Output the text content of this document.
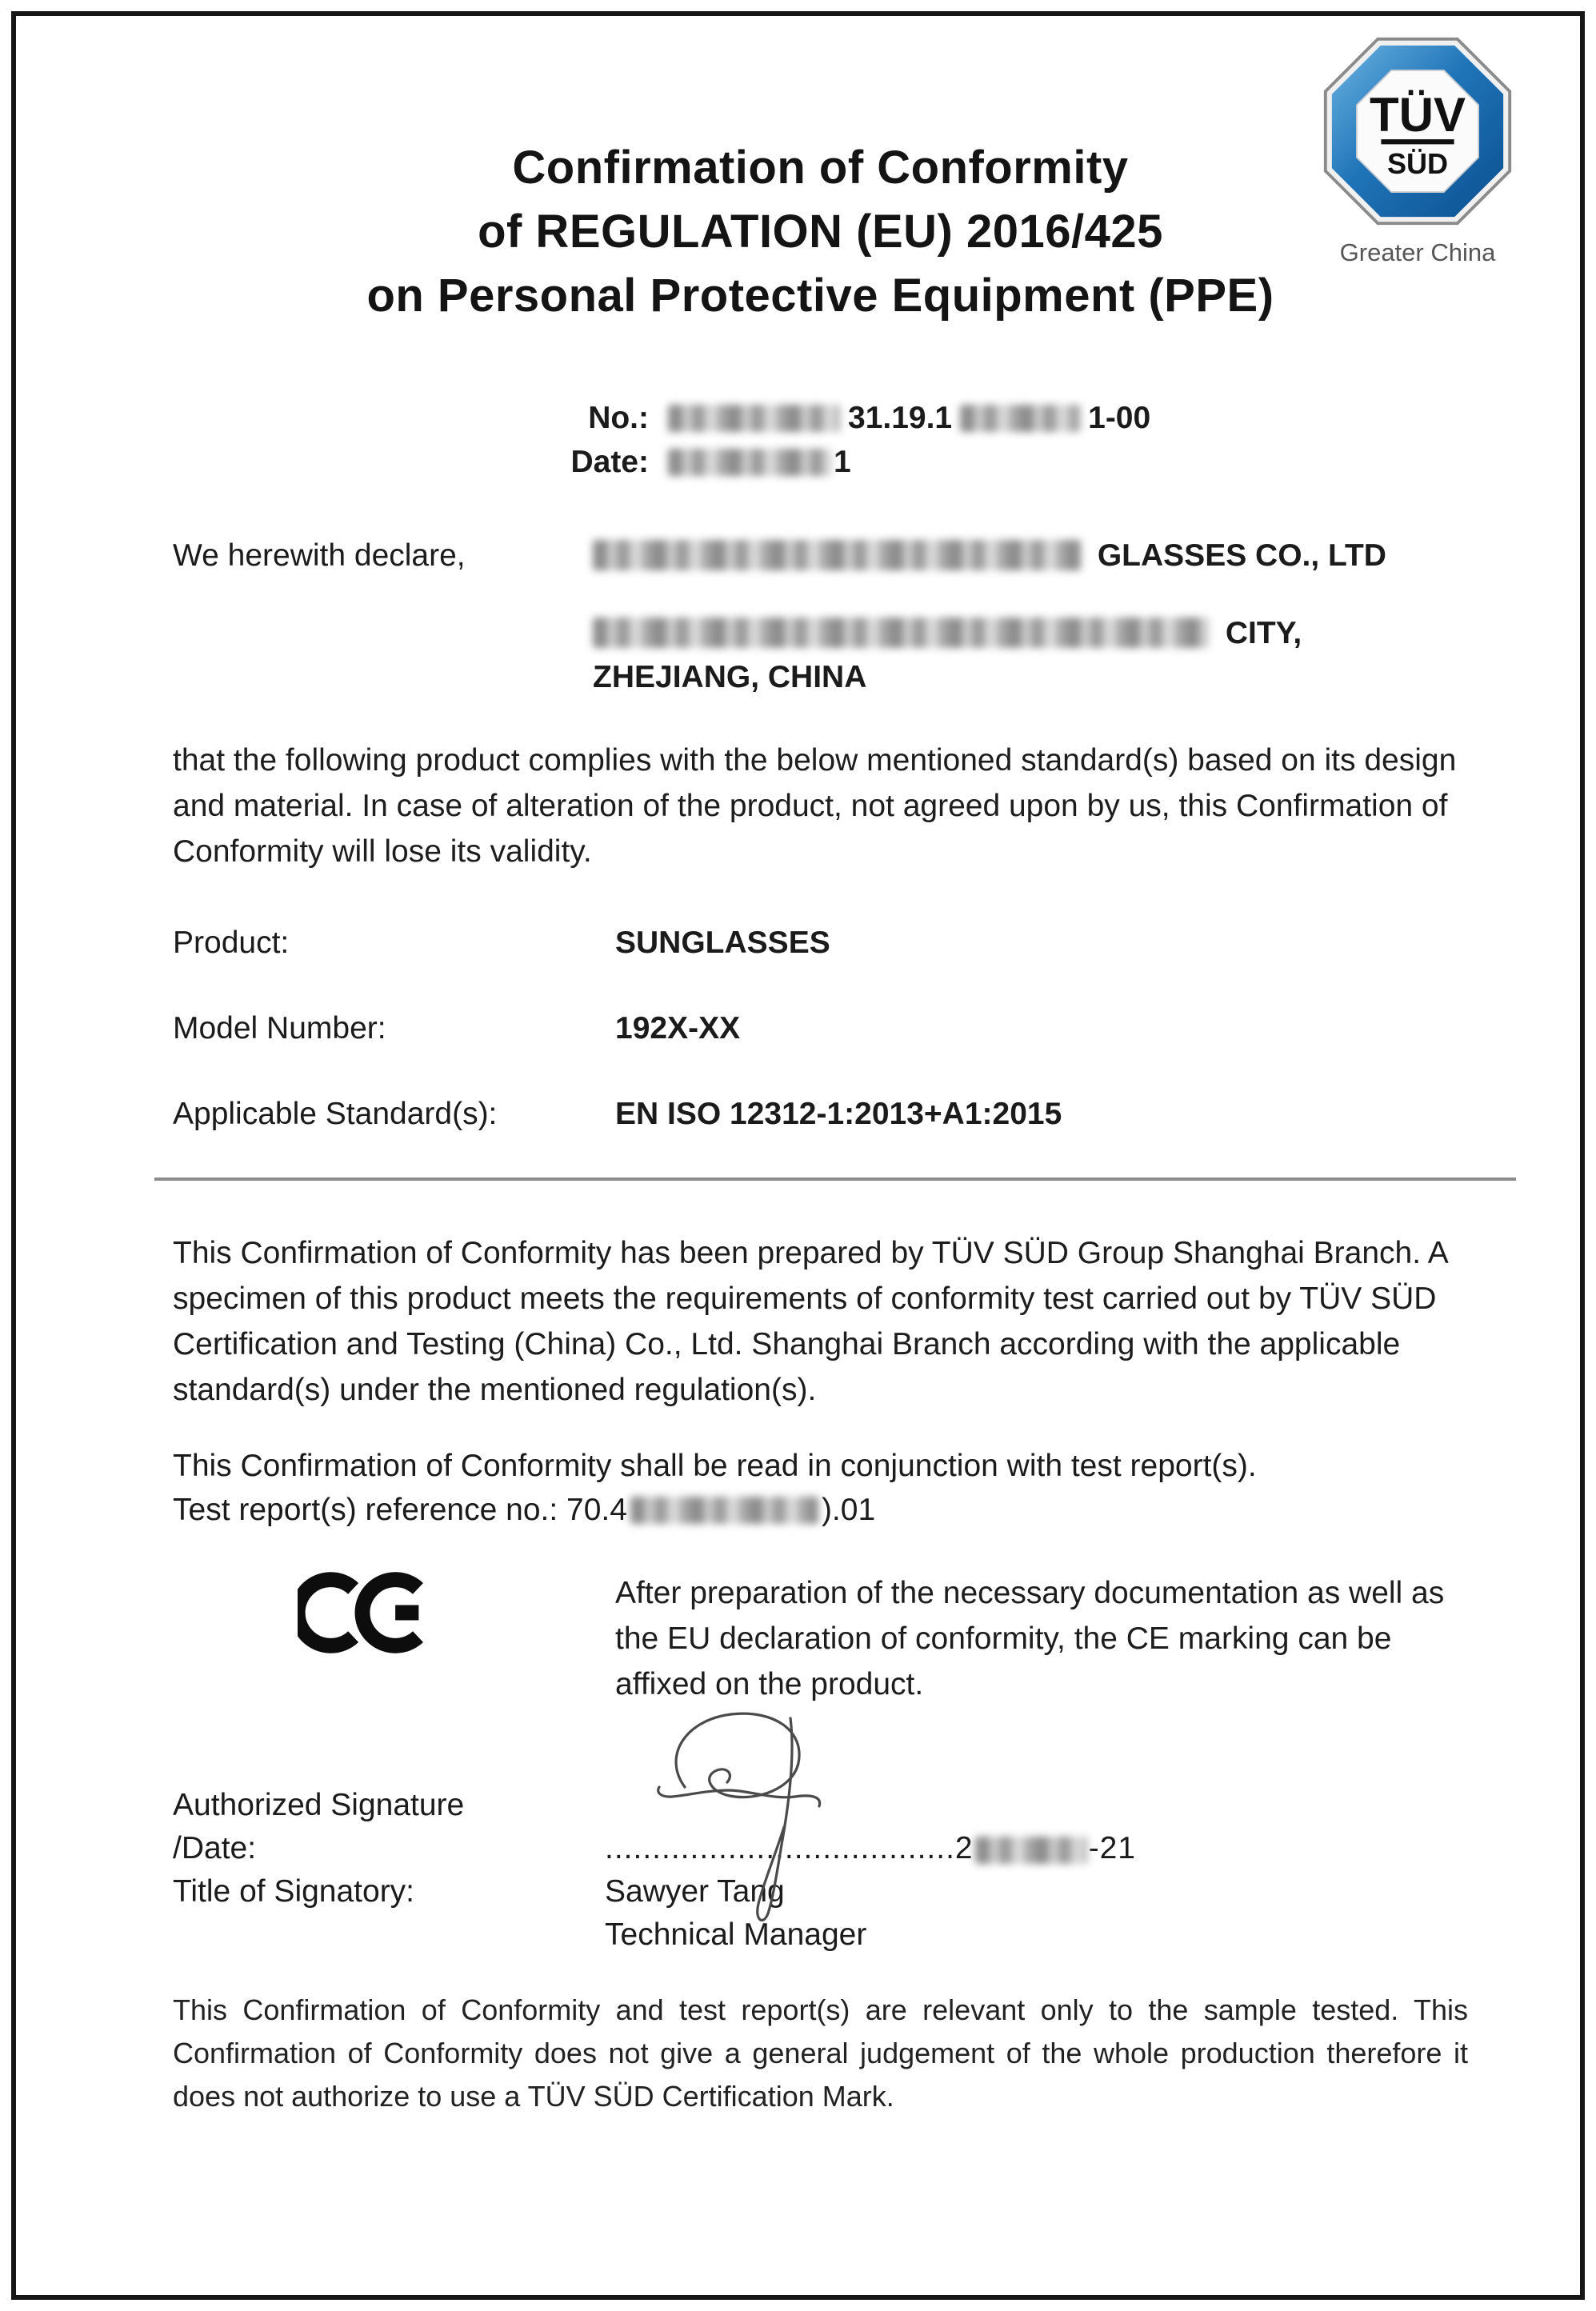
TÜV
SÜD
Greater China
Confirmation of Conformity
of REGULATION (EU) 2016/425
on Personal Protective Equipment (PPE)
No.:	31.19.1	1-00
Date:	1
We herewith declare,	GLASSES CO., LTD
CITY,
ZHEJIANG, CHINA

that the following product complies with the below mentioned standard(s) based on its design and material. In case of alteration of the product, not agreed upon by us, this Confirmation of Conformity will lose its validity.

Product:	SUNGLASSES
Model Number:	192X-XX
Applicable Standard(s):	EN ISO 12312-1:2013+A1:2015

This Confirmation of Conformity has been prepared by TÜV SÜD Group Shanghai Branch. A specimen of this product meets the requirements of conformity test carried out by TÜV SÜD Certification and Testing (China) Co., Ltd. Shanghai Branch according with the applicable standard(s) under the mentioned regulation(s).

This Confirmation of Conformity shall be read in conjunction with test report(s).
Test report(s) reference no.: 70.4	).01
After preparation of the necessary documentation as well as the EU declaration of conformity, the CE marking can be affixed on the product.
Authorized Signature
/Date:	.....................................2	-21
Title of Signatory:	Sawyer Tang
Technical Manager

This Confirmation of Conformity and test report(s) are relevant only to the sample tested. This Confirmation of Conformity does not give a general judgement of the whole production therefore it does not authorize to use a TÜV SÜD Certification Mark.
